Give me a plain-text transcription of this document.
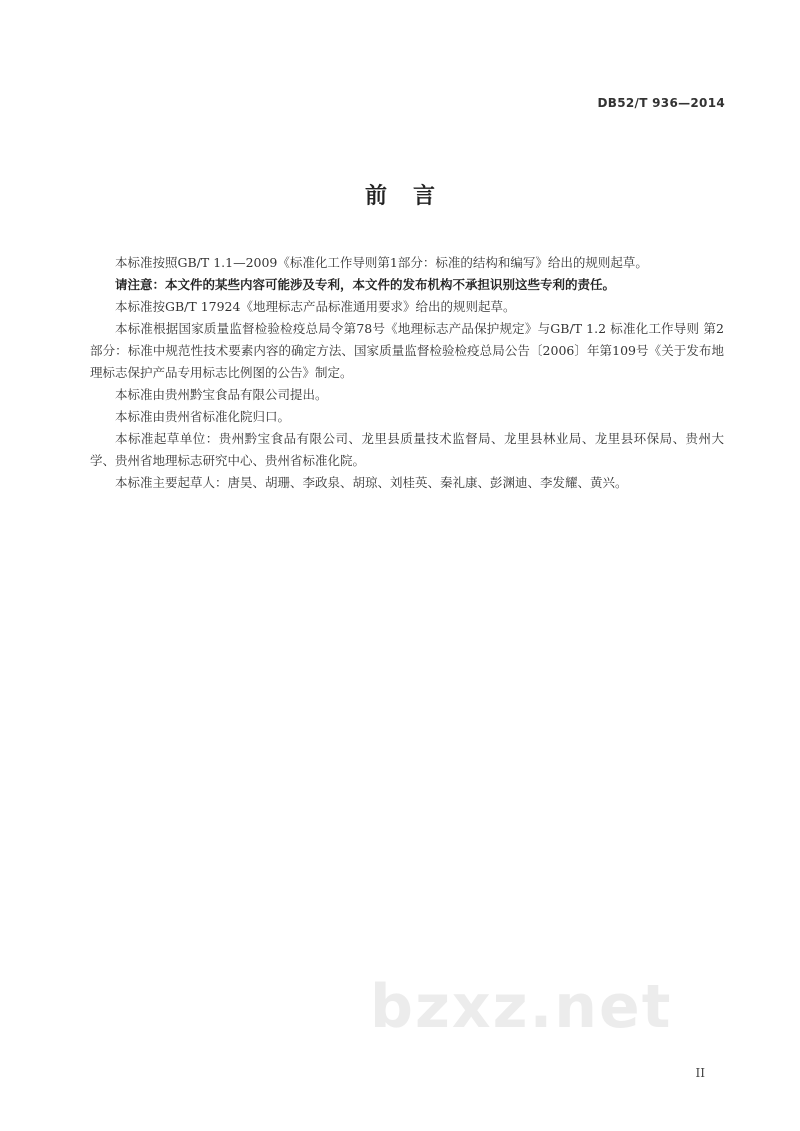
DB52/T 936—2014
前言

本标准按照GB/T 1.1—2009《标准化工作导则第1部分：标准的结构和编写》给出的规则起草。

请注意：本文件的某些内容可能涉及专利，本文件的发布机构不承担识别这些专利的责任。

本标准按GB/T 17924《地理标志产品标准通用要求》给出的规则起草。

本标准根据国家质量监督检验检疫总局令第78号《地理标志产品保护规定》与GB/T 1.2 标准化工作导则 第2部分：标准中规范性技术要素内容的确定方法、国家质量监督检验检疫总局公告〔2006〕年第109号《关于发布地理标志保护产品专用标志比例图的公告》制定。

本标准由贵州黔宝食品有限公司提出。

本标准由贵州省标准化院归口。

本标准起草单位：贵州黔宝食品有限公司、龙里县质量技术监督局、龙里县林业局、龙里县环保局、贵州大学、贵州省地理标志研究中心、贵州省标准化院。

本标准主要起草人：唐昊、胡珊、李政泉、胡琼、刘桂英、秦礼康、彭渊迪、李发耀、黄兴。

bzxz.net
II
